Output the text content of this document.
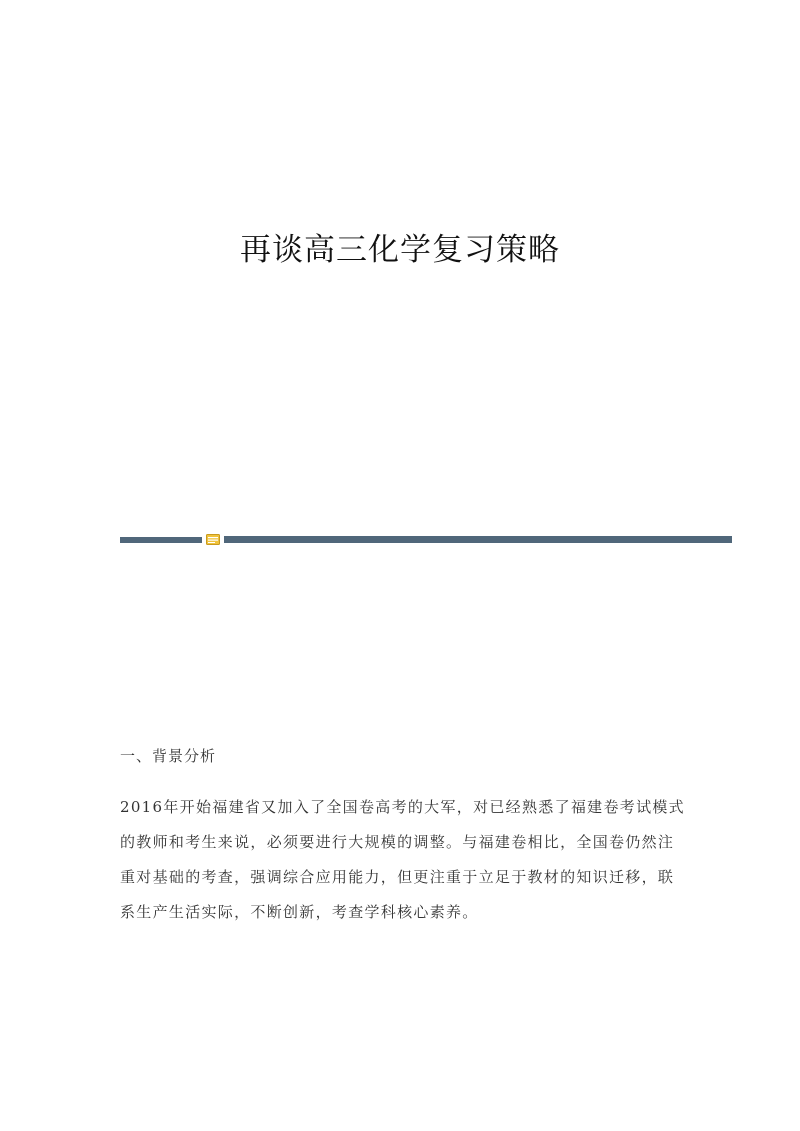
再谈高三化学复习策略
一、背景分析
2016年开始福建省又加入了全国卷高考的大军，对已经熟悉了福建卷考试模式
的教师和考生来说，必须要进行大规模的调整。与福建卷相比，全国卷仍然注
重对基础的考查，强调综合应用能力，但更注重于立足于教材的知识迁移，联
系生产生活实际，不断创新，考查学科核心素养。
